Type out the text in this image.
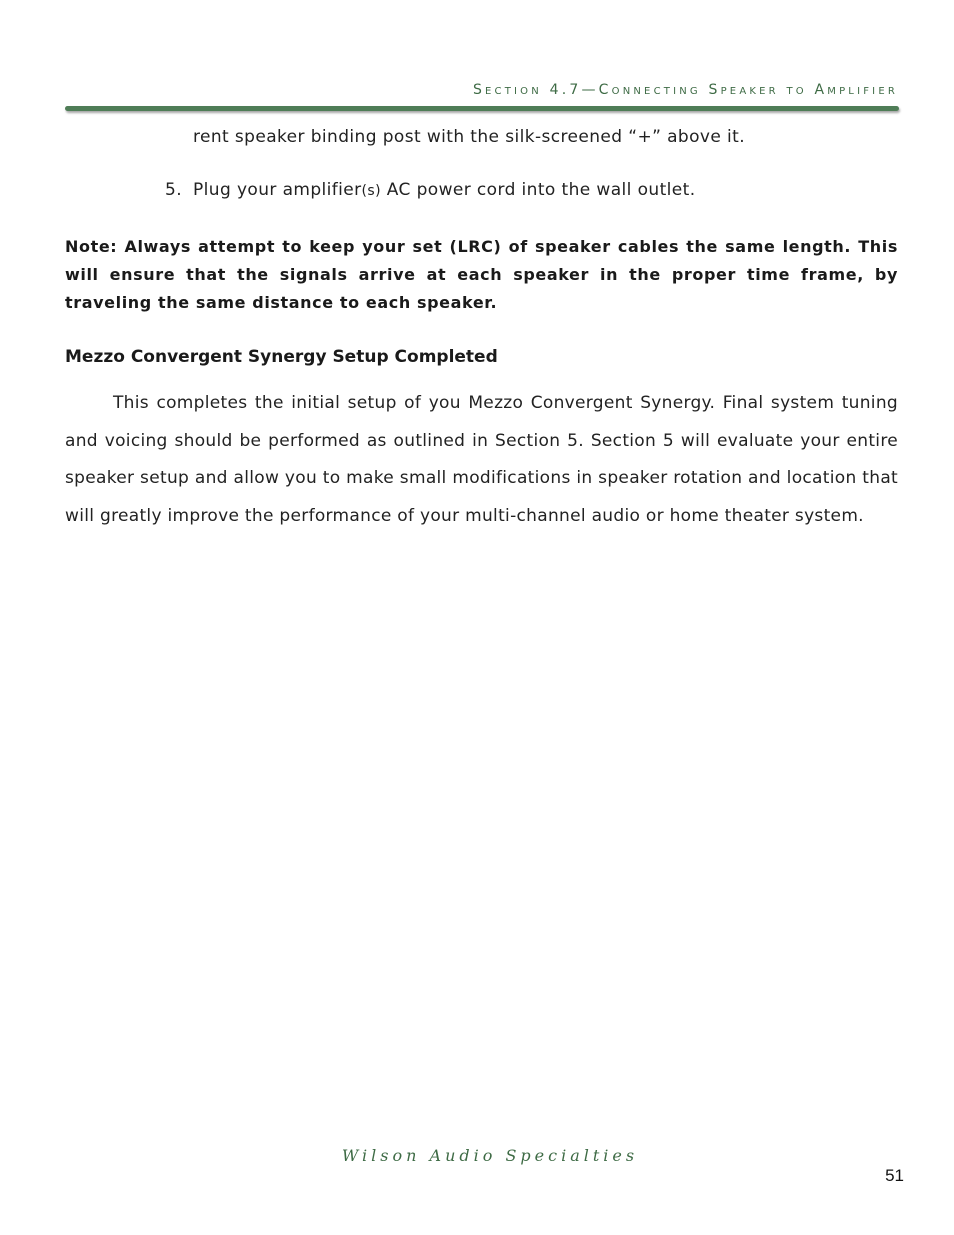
Section 4.7—Connecting Speaker to Amplifier
rent speaker binding post with the silk-screened “+” above it.
5. Plug your amplifier(s) AC power cord into the wall outlet.
Note: Always attempt to keep your set (LRC) of speaker cables the same length. This will ensure that the signals arrive at each speaker in the proper time frame, by traveling the same distance to each speaker.
Mezzo Convergent Synergy Setup Completed
This completes the initial setup of you Mezzo Convergent Synergy. Final system tuning and voicing should be performed as outlined in Section 5. Section 5 will evaluate your entire speaker setup and allow you to make small modifications in speaker rotation and location that will greatly improve the performance of your multi-channel audio or home theater system.
Wilson Audio Specialties
51
